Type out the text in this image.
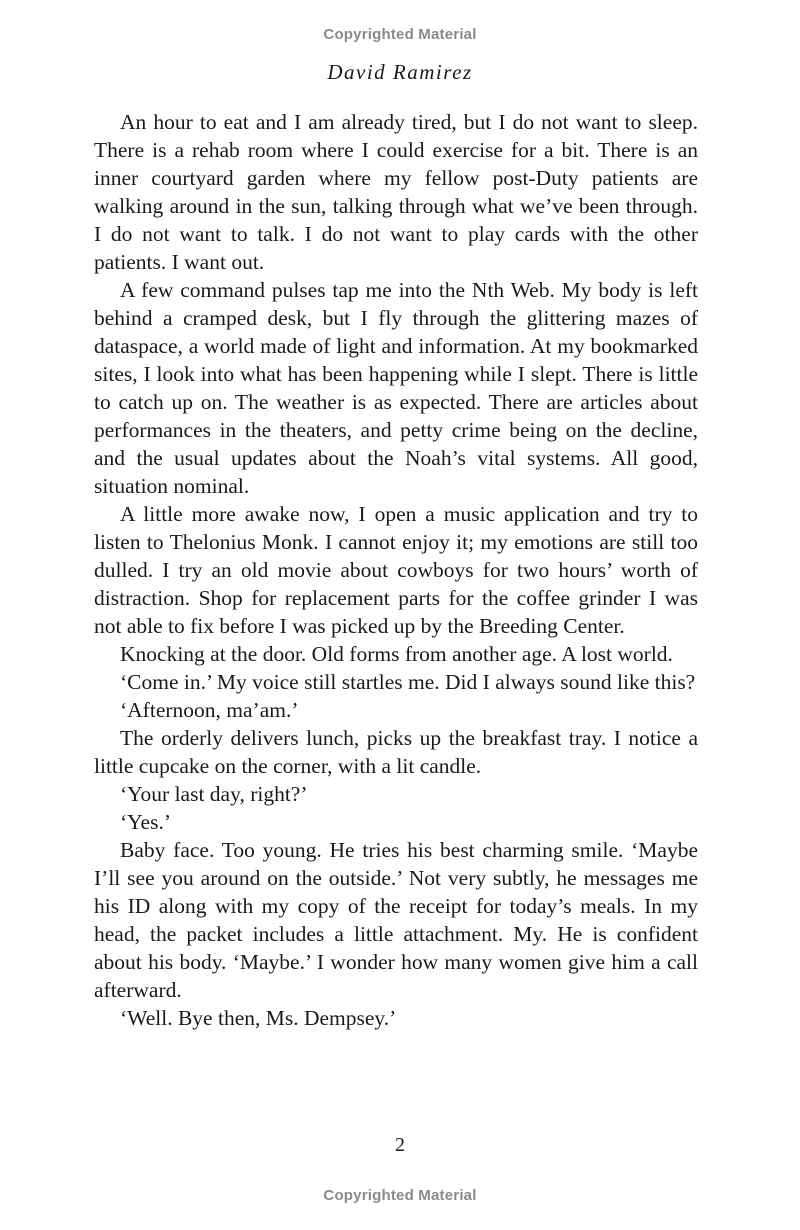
Copyrighted Material
David Ramirez

An hour to eat and I am already tired, but I do not want to sleep. There is a rehab room where I could exercise for a bit. There is an inner courtyard garden where my fellow post-Duty patients are walking around in the sun, talking through what we’ve been through. I do not want to talk. I do not want to play cards with the other patients. I want out.

A few command pulses tap me into the Nth Web. My body is left behind a cramped desk, but I fly through the glittering mazes of dataspace, a world made of light and information. At my bookmarked sites, I look into what has been happening while I slept. There is little to catch up on. The weather is as expected. There are articles about performances in the theaters, and petty crime being on the decline, and the usual updates about the Noah’s vital systems. All good, situation nominal.

A little more awake now, I open a music application and try to listen to Thelonius Monk. I cannot enjoy it; my emotions are still too dulled. I try an old movie about cowboys for two hours’ worth of distraction. Shop for replacement parts for the coffee grinder I was not able to fix before I was picked up by the Breeding Center.

Knocking at the door. Old forms from another age. A lost world.

‘Come in.’ My voice still startles me. Did I always sound like this?

‘Afternoon, ma’am.’

The orderly delivers lunch, picks up the breakfast tray. I notice a little cupcake on the corner, with a lit candle.

‘Your last day, right?’

‘Yes.’

Baby face. Too young. He tries his best charming smile. ‘Maybe I’ll see you around on the outside.’ Not very subtly, he messages me his ID along with my copy of the receipt for today’s meals. In my head, the packet includes a little attachment. My. He is confident about his body. ‘Maybe.’ I wonder how many women give him a call afterward.

‘Well. Bye then, Ms. Dempsey.’

2
Copyrighted Material
